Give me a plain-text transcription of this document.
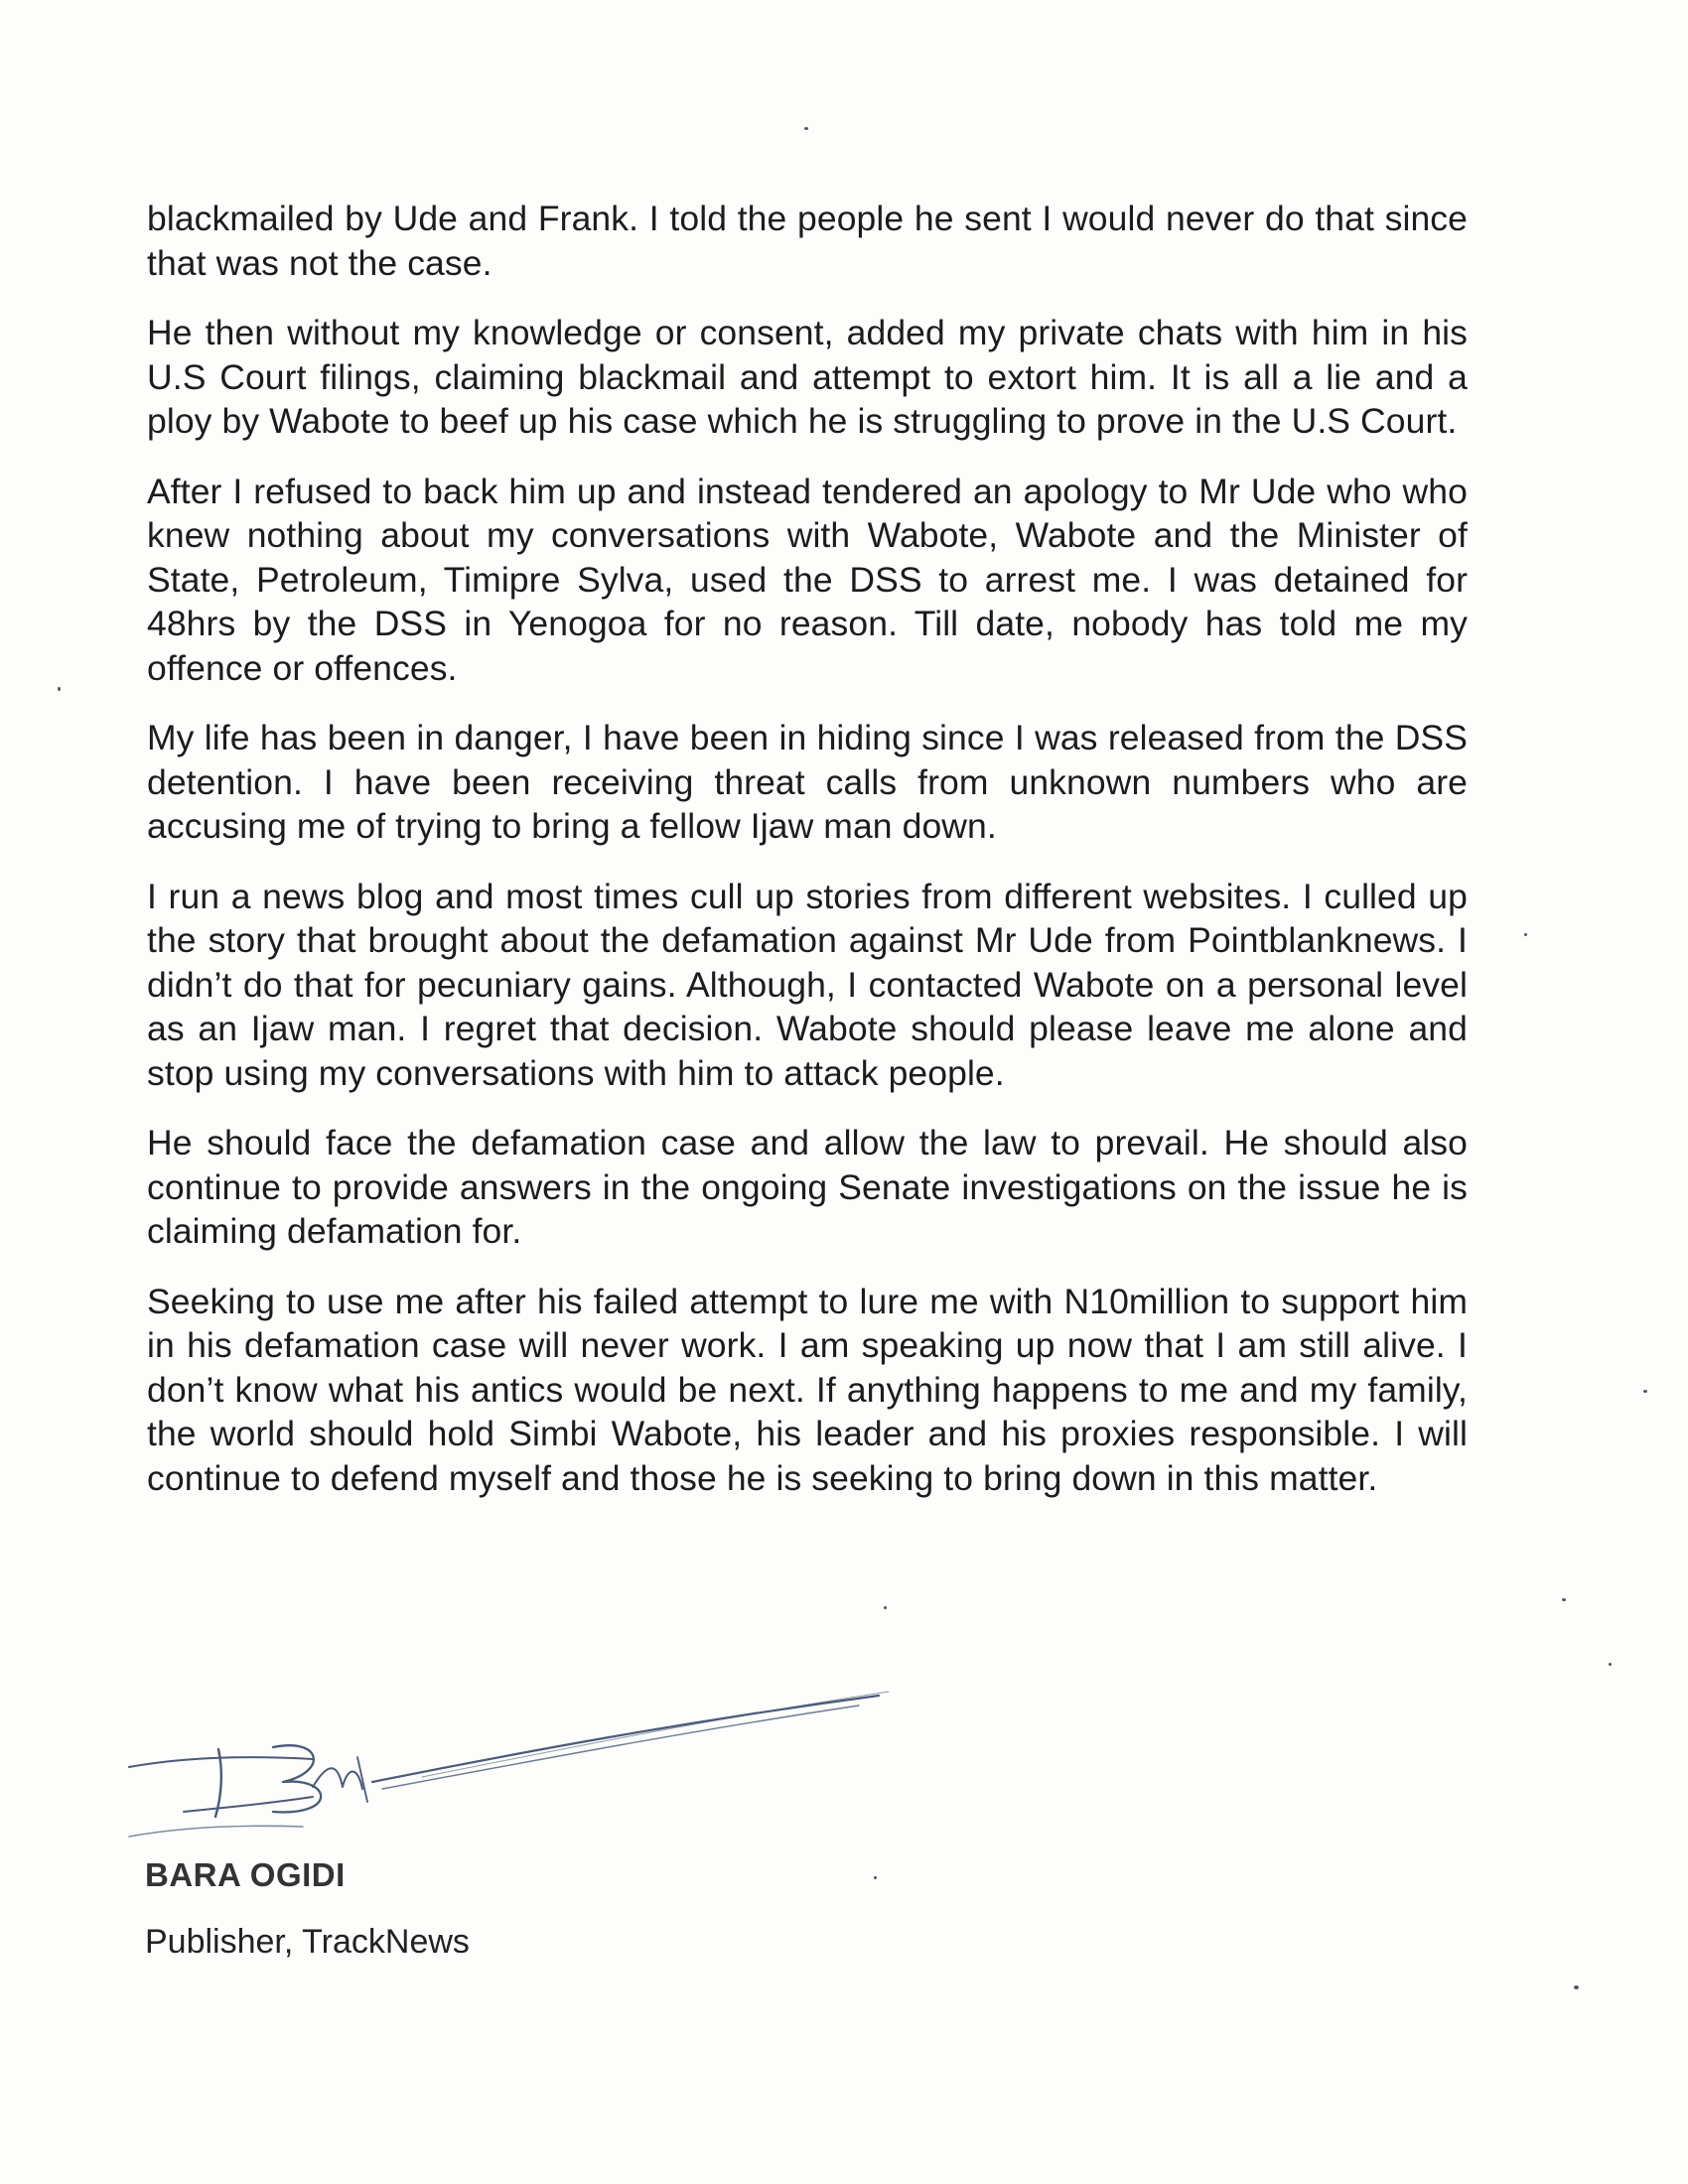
blackmailed by Ude and Frank. I told the people he sent I would never do that since that was not the case.

He then without my knowledge or consent, added my private chats with him in his U.S Court filings, claiming blackmail and attempt to extort him. It is all a lie and a ploy by Wabote to beef up his case which he is struggling to prove in the U.S Court.

After I refused to back him up and instead tendered an apology to Mr Ude who who knew nothing about my conversations with Wabote, Wabote and the Minister of State, Petroleum, Timipre Sylva, used the DSS to arrest me. I was detained for 48hrs by the DSS in Yenogoa for no reason. Till date, nobody has told me my offence or offences.

My life has been in danger, I have been in hiding since I was released from the DSS detention. I have been receiving threat calls from unknown numbers who are accusing me of trying to bring a fellow Ijaw man down.

I run a news blog and most times cull up stories from different websites. I culled up the story that brought about the defamation against Mr Ude from Pointblanknews. I didn’t do that for pecuniary gains. Although, I contacted Wabote on a personal level as an Ijaw man. I regret that decision. Wabote should please leave me alone and stop using my conversations with him to attack people.

He should face the defamation case and allow the law to prevail. He should also continue to provide answers in the ongoing Senate investigations on the issue he is claiming defamation for.

Seeking to use me after his failed attempt to lure me with N10million to support him in his defamation case will never work. I am speaking up now that I am still alive. I don’t know what his antics would be next. If anything happens to me and my family, the world should hold Simbi Wabote, his leader and his proxies responsible. I will continue to defend myself and those he is seeking to bring down in this matter.

BARA OGIDI
Publisher, TrackNews
